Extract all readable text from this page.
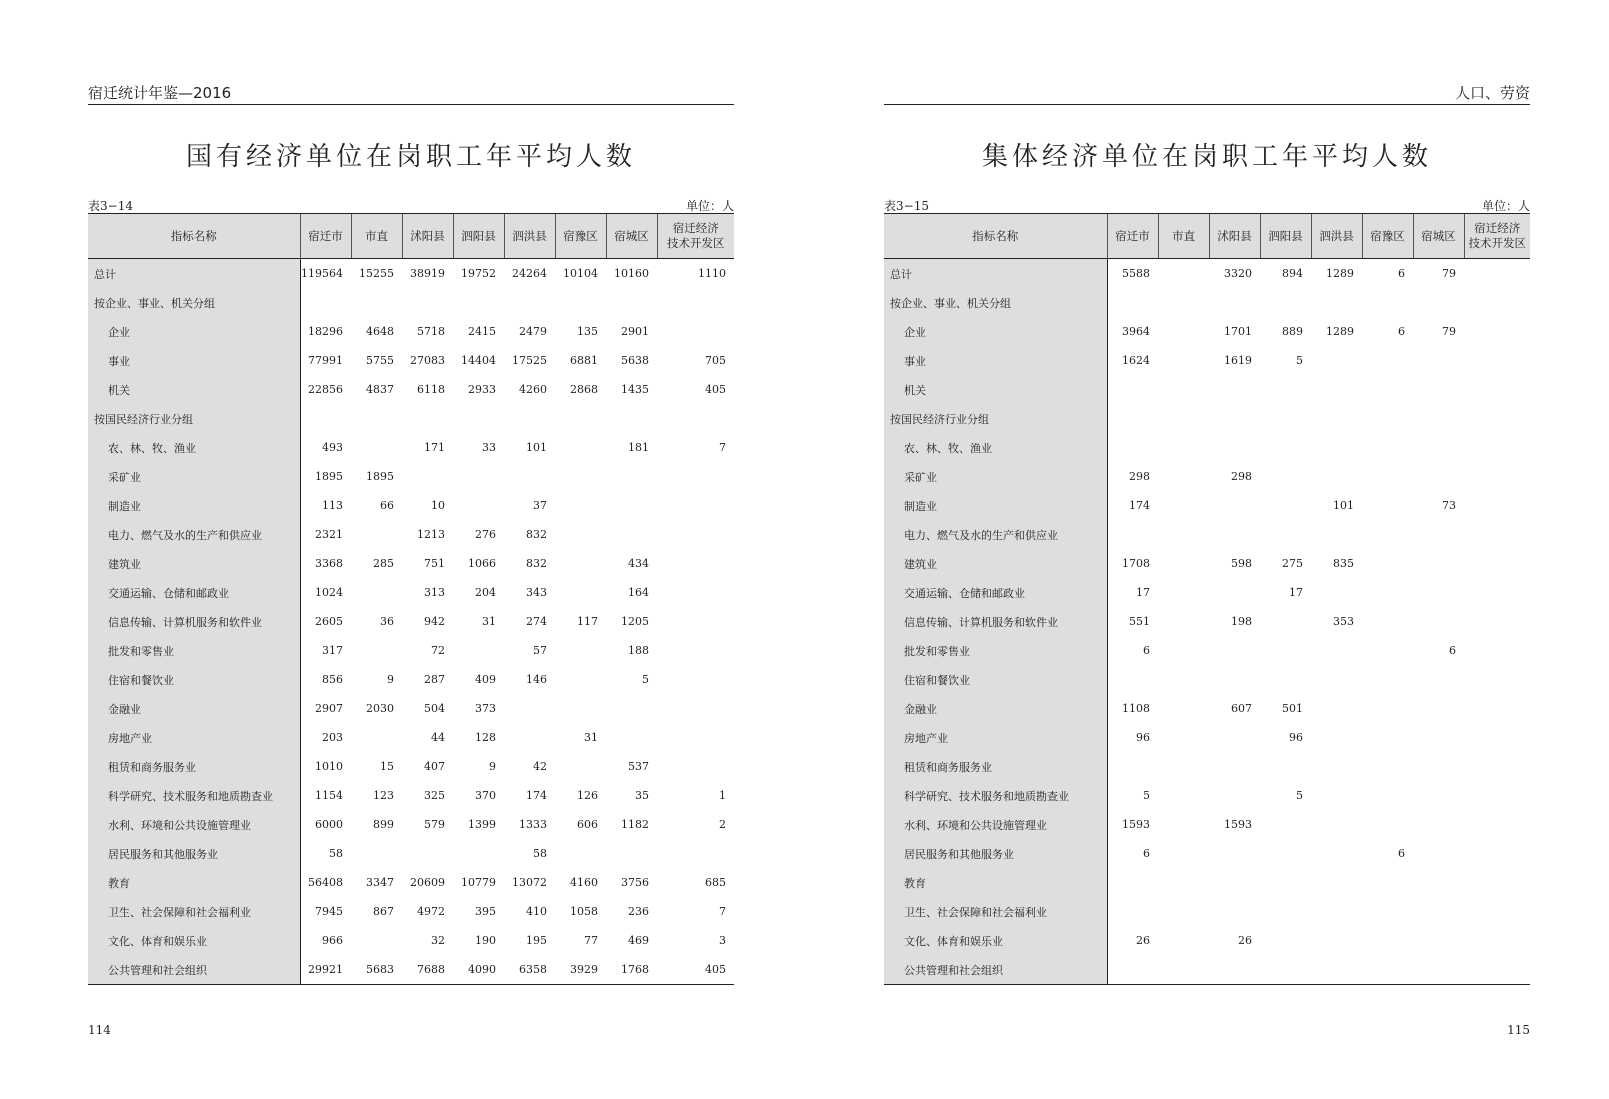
宿迁统计年鉴—2016
国有经济单位在岗职工年平均人数
表3−14	单位：人
指标名称	宿迁市	市直	沭阳县	泗阳县	泗洪县	宿豫区	宿城区	宿迁经济
技术开发区
总计	119564	15255	38919	19752	24264	10104	10160	1110
按企业、事业、机关分组								
企业	18296	4648	5718	2415	2479	135	2901	
事业	77991	5755	27083	14404	17525	6881	5638	705
机关	22856	4837	6118	2933	4260	2868	1435	405
按国民经济行业分组								
农、林、牧、渔业	493		171	33	101		181	7
采矿业	1895	1895						
制造业	113	66	10		37			
电力、燃气及水的生产和供应业	2321		1213	276	832			
建筑业	3368	285	751	1066	832		434	
交通运输、仓储和邮政业	1024		313	204	343		164	
信息传输、计算机服务和软件业	2605	36	942	31	274	117	1205	
批发和零售业	317		72		57		188	
住宿和餐饮业	856	9	287	409	146		5	
金融业	2907	2030	504	373				
房地产业	203		44	128		31		
租赁和商务服务业	1010	15	407	9	42		537	
科学研究、技术服务和地质勘查业	1154	123	325	370	174	126	35	1
水利、环境和公共设施管理业	6000	899	579	1399	1333	606	1182	2
居民服务和其他服务业	58				58			
教育	56408	3347	20609	10779	13072	4160	3756	685
卫生、社会保障和社会福利业	7945	867	4972	395	410	1058	236	7
文化、体育和娱乐业	966		32	190	195	77	469	3
公共管理和社会组织	29921	5683	7688	4090	6358	3929	1768	405
114
人口、劳资
集体经济单位在岗职工年平均人数
表3−15	单位：人
指标名称	宿迁市	市直	沭阳县	泗阳县	泗洪县	宿豫区	宿城区	宿迁经济
技术开发区
总计	5588		3320	894	1289	6	79	
按企业、事业、机关分组								
企业	3964		1701	889	1289	6	79	
事业	1624		1619	5				
机关								
按国民经济行业分组								
农、林、牧、渔业								
采矿业	298		298					
制造业	174				101		73	
电力、燃气及水的生产和供应业								
建筑业	1708		598	275	835			
交通运输、仓储和邮政业	17			17				
信息传输、计算机服务和软件业	551		198		353			
批发和零售业	6						6	
住宿和餐饮业								
金融业	1108		607	501				
房地产业	96			96				
租赁和商务服务业								
科学研究、技术服务和地质勘查业	5			5				
水利、环境和公共设施管理业	1593		1593					
居民服务和其他服务业	6					6		
教育								
卫生、社会保障和社会福利业								
文化、体育和娱乐业	26		26					
公共管理和社会组织								
115
